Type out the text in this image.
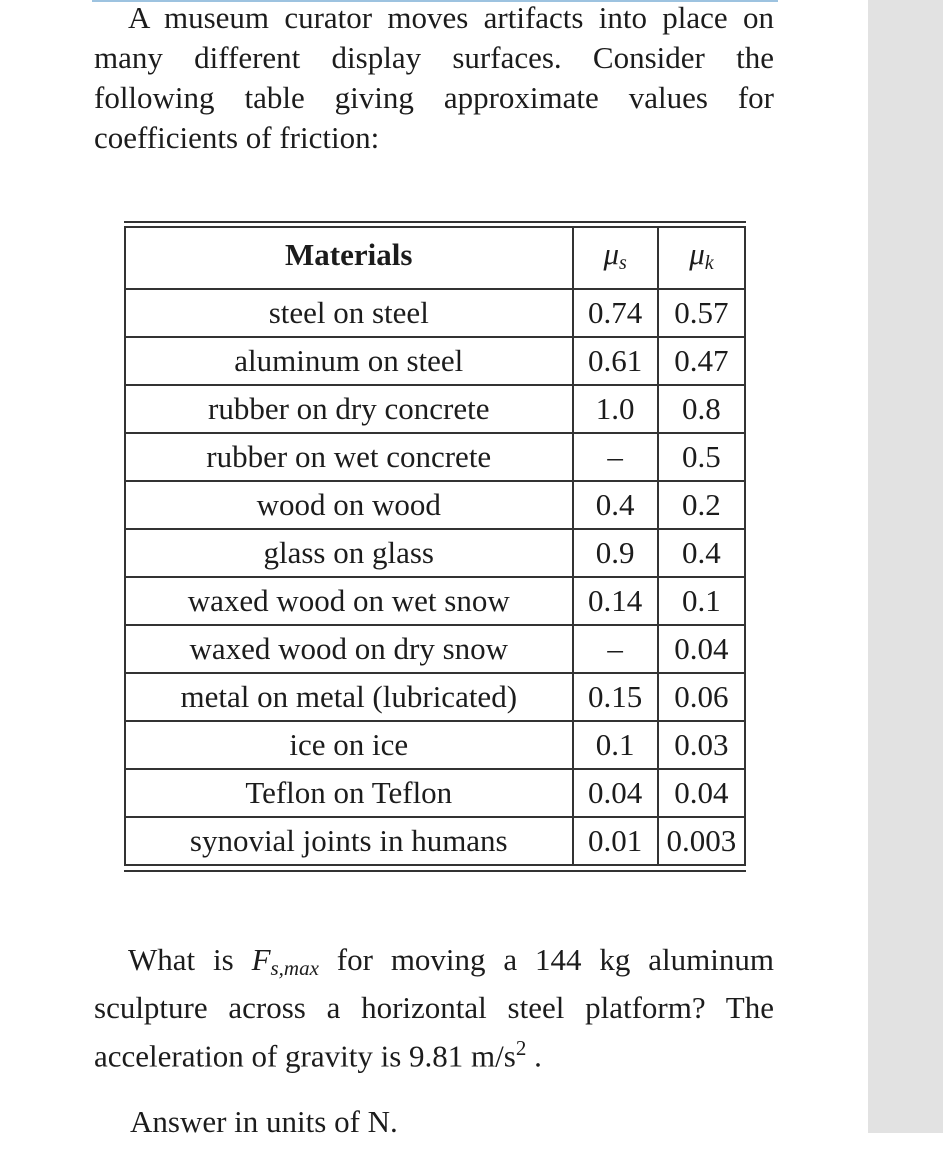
A museum curator moves artifacts into place on many different display surfaces. Consider the following table giving approximate values for coefficients of friction:

Materials	$\mu_s$	$\mu_k$
steel on steel	0.74	0.57
aluminum on steel	0.61	0.47
rubber on dry concrete	1.0	0.8
rubber on wet concrete	–	0.5
wood on wood	0.4	0.2
glass on glass	0.9	0.4
waxed wood on wet snow	0.14	0.1
waxed wood on dry snow	–	0.04
metal on metal (lubricated)	0.15	0.06
ice on ice	0.1	0.03
Teflon on Teflon	0.04	0.04
synovial joints in humans	0.01	0.003

What is $F_{s,max}$ for moving a 144 kg aluminum sculpture across a horizontal steel platform? The acceleration of gravity is 9.81 $m/s^2$ .

Answer in units of N.
